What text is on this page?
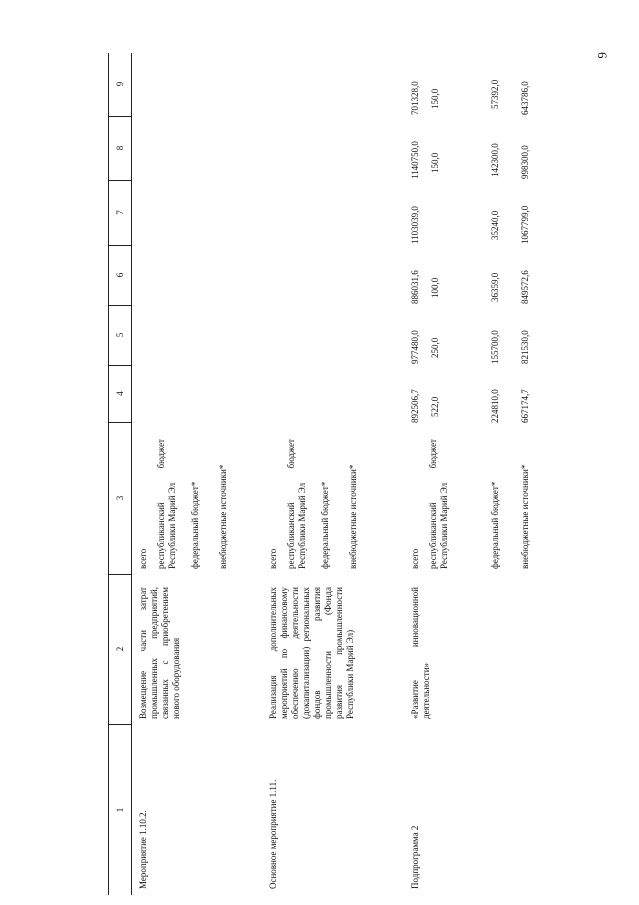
6
1
2
3
4
5
6
7
8
9
Мероприятие 1.10.2.
Возмещение части затрат промышленных предприятий, связанных с приобретением нового оборудования
всего республиканский бюджет Республики Марий Эл федеральный бюджет* внебюджетные источники*
Основное мероприятие 1.11.
Реализация дополнительных мероприятий по финансовому обеспечению деятельности (докапитализации) региональных фондов развития промышленности (Фонда развития промышленности Республики Марий Эл)
всего республиканский бюджет Республики Марий Эл федеральный бюджет* внебюджетные источники*
Подпрограмма 2
«Развитие инновационной деятельности»
всего республиканский бюджет Республики Марий Эл	федеральный бюджет* внебюджетные источники*
892506,7
977480,0
886031,6
1103039,0
1140750,0
701328,0
522,0
250,0
100,0
150,0
150,0
224810,0
155700,0
36359,0
35240,0
142300,0
57392,0
667174,7
821530,0
849572,6
1067799,0
998300,0
643786,0
